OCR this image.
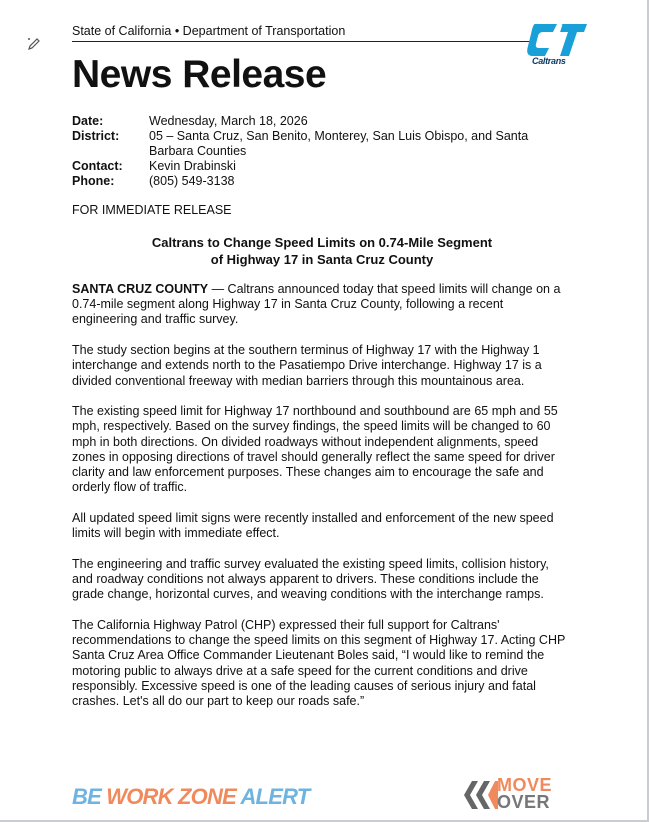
State of California • Department of Transportation
Caltrans
News Release
Date:	Wednesday, March 18, 2026
District:	05 – Santa Cruz, San Benito, Monterey, San Luis Obispo, and Santa Barbara Counties
Contact:	Kevin Drabinski
Phone:	(805) 549-3138
FOR IMMEDIATE RELEASE
Caltrans to Change Speed Limits on 0.74-Mile Segment
of Highway 17 in Santa Cruz County

SANTA CRUZ COUNTY — Caltrans announced today that speed limits will change on a 0.74-mile segment along Highway 17 in Santa Cruz County, following a recent engineering and traffic survey.

The study section begins at the southern terminus of Highway 17 with the Highway 1 interchange and extends north to the Pasatiempo Drive interchange. Highway 17 is a divided conventional freeway with median barriers through this mountainous area.

The existing speed limit for Highway 17 northbound and southbound are 65 mph and 55 mph, respectively. Based on the survey findings, the speed limits will be changed to 60 mph in both directions. On divided roadways without independent alignments, speed zones in opposing directions of travel should generally reflect the same speed for driver clarity and law enforcement purposes. These changes aim to encourage the safe and orderly flow of traffic.

All updated speed limit signs were recently installed and enforcement of the new speed limits will begin with immediate effect.

The engineering and traffic survey evaluated the existing speed limits, collision history, and roadway conditions not always apparent to drivers. These conditions include the grade change, horizontal curves, and weaving conditions with the interchange ramps.

The California Highway Patrol (CHP) expressed their full support for Caltrans' recommendations to change the speed limits on this segment of Highway 17. Acting CHP Santa Cruz Area Office Commander Lieutenant Boles said, “I would like to remind the motoring public to always drive at a safe speed for the current conditions and drive responsibly. Excessive speed is one of the leading causes of serious injury and fatal crashes. Let's all do our part to keep our roads safe.”

BE WORK ZONE ALERT	MOVE
OVER
